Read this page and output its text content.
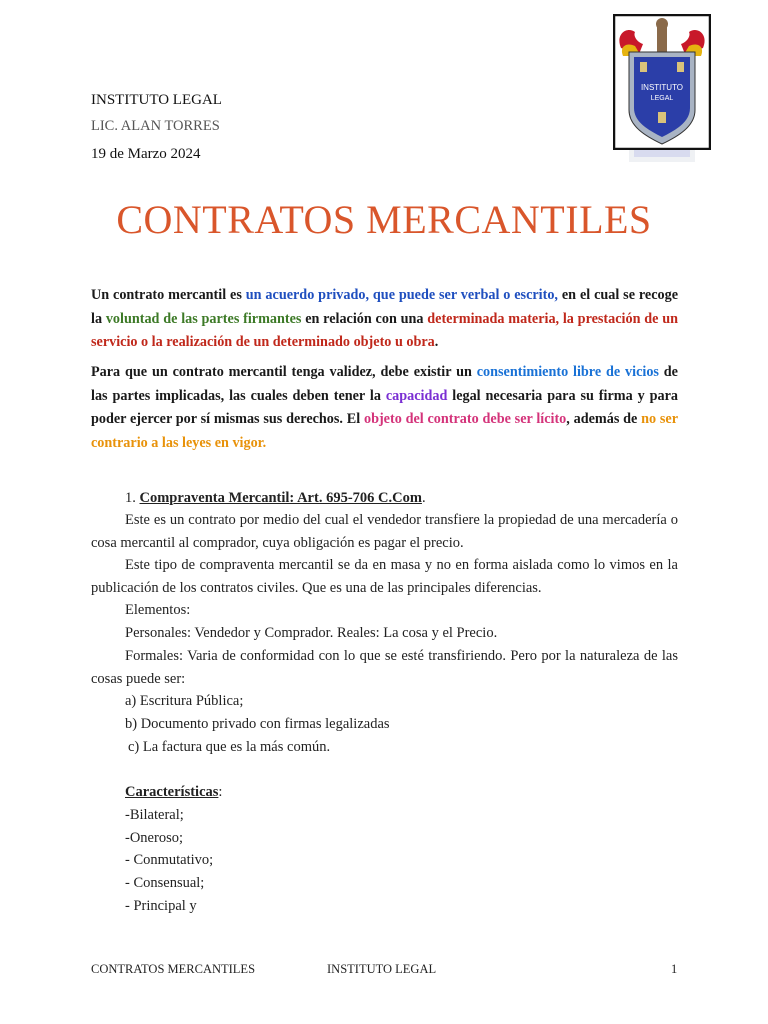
INSTITUTO LEGAL
LIC. ALAN TORRES
19 de Marzo 2024
INSTITUTO
LEGAL
CONTRATOS MERCANTILES
Un contrato mercantil es un acuerdo privado, que puede ser verbal o escrito, en el cual se recoge la voluntad de las partes firmantes en relación con una determinada materia, la prestación de un servicio o la realización de un determinado objeto u obra.
Para que un contrato mercantil tenga validez, debe existir un consentimiento libre de vicios de las partes implicadas, las cuales deben tener la capacidad legal necesaria para su firma y para poder ejercer por sí mismas sus derechos. El objeto del contrato debe ser lícito, además de no ser contrario a las leyes en vigor.
1. Compraventa Mercantil: Art. 695-706 C.Com.
Este es un contrato por medio del cual el vendedor transfiere la propiedad de una mercadería o cosa mercantil al comprador, cuya obligación es pagar el precio.
Este tipo de compraventa mercantil se da en masa y no en forma aislada como lo vimos en la publicación de los contratos civiles. Que es una de las principales diferencias.
Elementos:
Personales: Vendedor y Comprador. Reales: La cosa y el Precio.
Formales: Varia de conformidad con lo que se esté transfiriendo. Pero por la naturaleza de las cosas puede ser:
a) Escritura Pública;
b) Documento privado con firmas legalizadas
c) La factura que es la más común.
Características:
-Bilateral;
-Oneroso;
- Conmutativo;
- Consensual;
- Principal y
CONTRATOS MERCANTILES	INSTITUTO LEGAL	1
